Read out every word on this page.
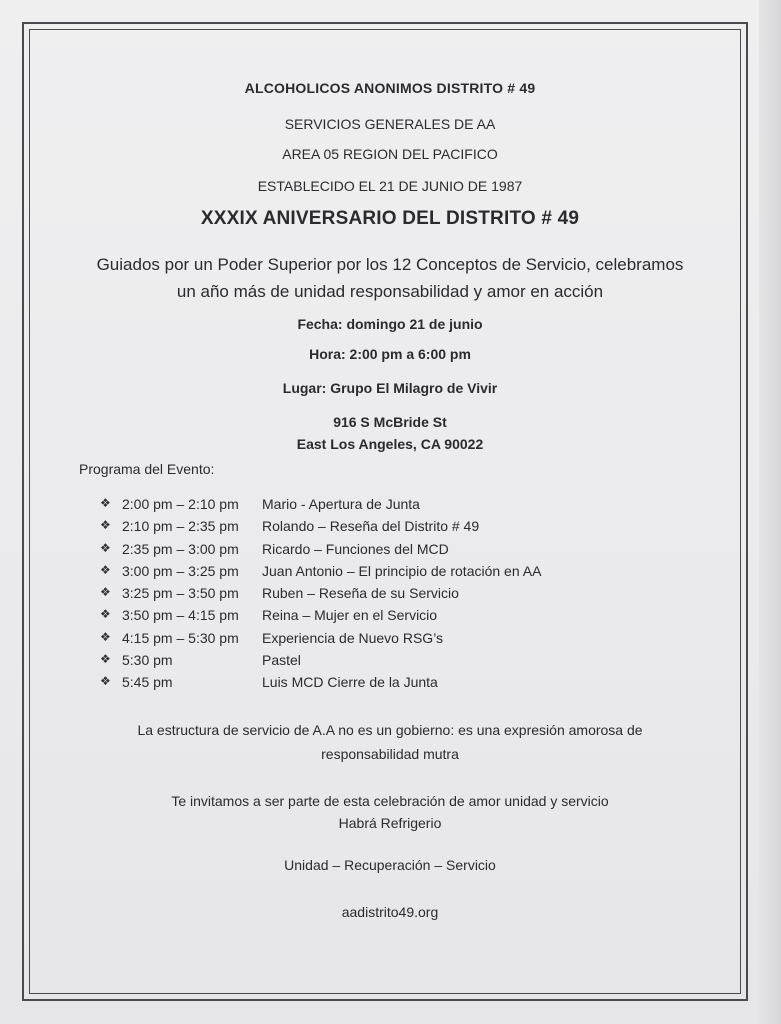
ALCOHOLICOS ANONIMOS DISTRITO # 49
SERVICIOS GENERALES DE AA
AREA 05 REGION DEL PACIFICO
ESTABLECIDO EL 21 DE JUNIO DE 1987
XXXIX ANIVERSARIO DEL DISTRITO # 49
Guiados por un Poder Superior por los 12 Conceptos de Servicio, celebramos
un año más de unidad responsabilidad y amor en acción
Fecha: domingo 21 de junio
Hora: 2:00 pm a 6:00 pm
Lugar: Grupo El Milagro de Vivir
916 S McBride St
East Los Angeles, CA 90022
Programa del Evento:
❖ 2:00 pm – 2:10 pm Mario - Apertura de Junta
❖ 2:10 pm – 2:35 pm Rolando – Reseña del Distrito # 49
❖ 2:35 pm – 3:00 pm Ricardo – Funciones del MCD
❖ 3:00 pm – 3:25 pm Juan Antonio – El principio de rotación en AA
❖ 3:25 pm – 3:50 pm Ruben – Reseña de su Servicio
❖ 3:50 pm – 4:15 pm Reina – Mujer en el Servicio
❖ 4:15 pm – 5:30 pm Experiencia de Nuevo RSG’s
❖ 5:30 pm	Pastel
❖ 5:45 pm	Luis MCD Cierre de la Junta
La estructura de servicio de A.A no es un gobierno: es una expresión amorosa de
responsabilidad mutra
Te invitamos a ser parte de esta celebración de amor unidad y servicio
Habrá Refrigerio
Unidad – Recuperación – Servicio
aadistrito49.org
